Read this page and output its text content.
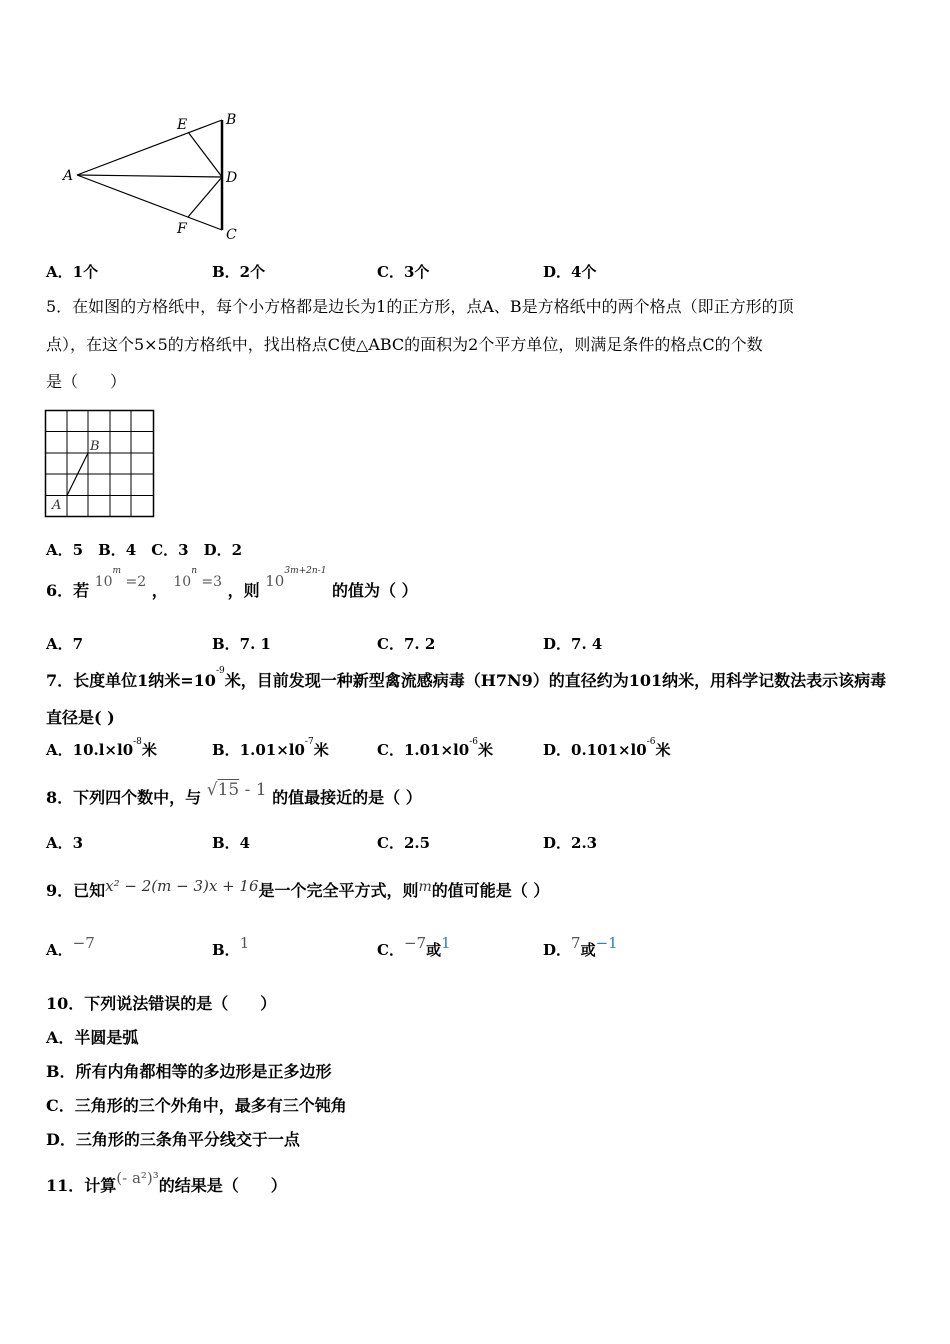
A
B
C
D
E
F
A．1个	B．2个	C．3个	D．4个
5．在如图的方格纸中，每个小方格都是边长为1的正方形，点A、B是方格纸中的两个格点（即正方形的顶
点），在这个5×5的方格纸中，找出格点C使△ABC的面积为2个平方单位，则满足条件的格点C的个数
是（　　）
B
A
A．5　B．4　C．3　D．2
6．若 $10^m =2$ ， $10^n =3$ ，则 $10^{3m+2n-1}$ 的值为（ ）
A．7	B．7. 1	C．7. 2	D．7. 4
7．长度单位1纳米$=10^{-9}$米，目前发现一种新型禽流感病毒（H7N9）的直径约为101纳米，用科学记数法表示该病毒
直径是( )
A．$10.l\times l0^{-8}$米	B．$1.01\times l0^{-7}$米	C．$1.01\times l0^{-6}$米	D．$0.101\times l0^{-6}$米
8．下列四个数中，与 √15 - 1 的值最接近的是（ ）
A．3	B．4	C．2.5	D．2.3
9．已知x² − 2(m − 3)x + 16是一个完全平方式，则m的值可能是（ ）
A．−7	B．1	C．−7或1	D．7或−1
10．下列说法错误的是（　　）
A．半圆是弧
B．所有内角都相等的多边形是正多边形
C．三角形的三个外角中，最多有三个钝角
D．三角形的三条角平分线交于一点
11．计算(- a²)³的结果是（　　）
